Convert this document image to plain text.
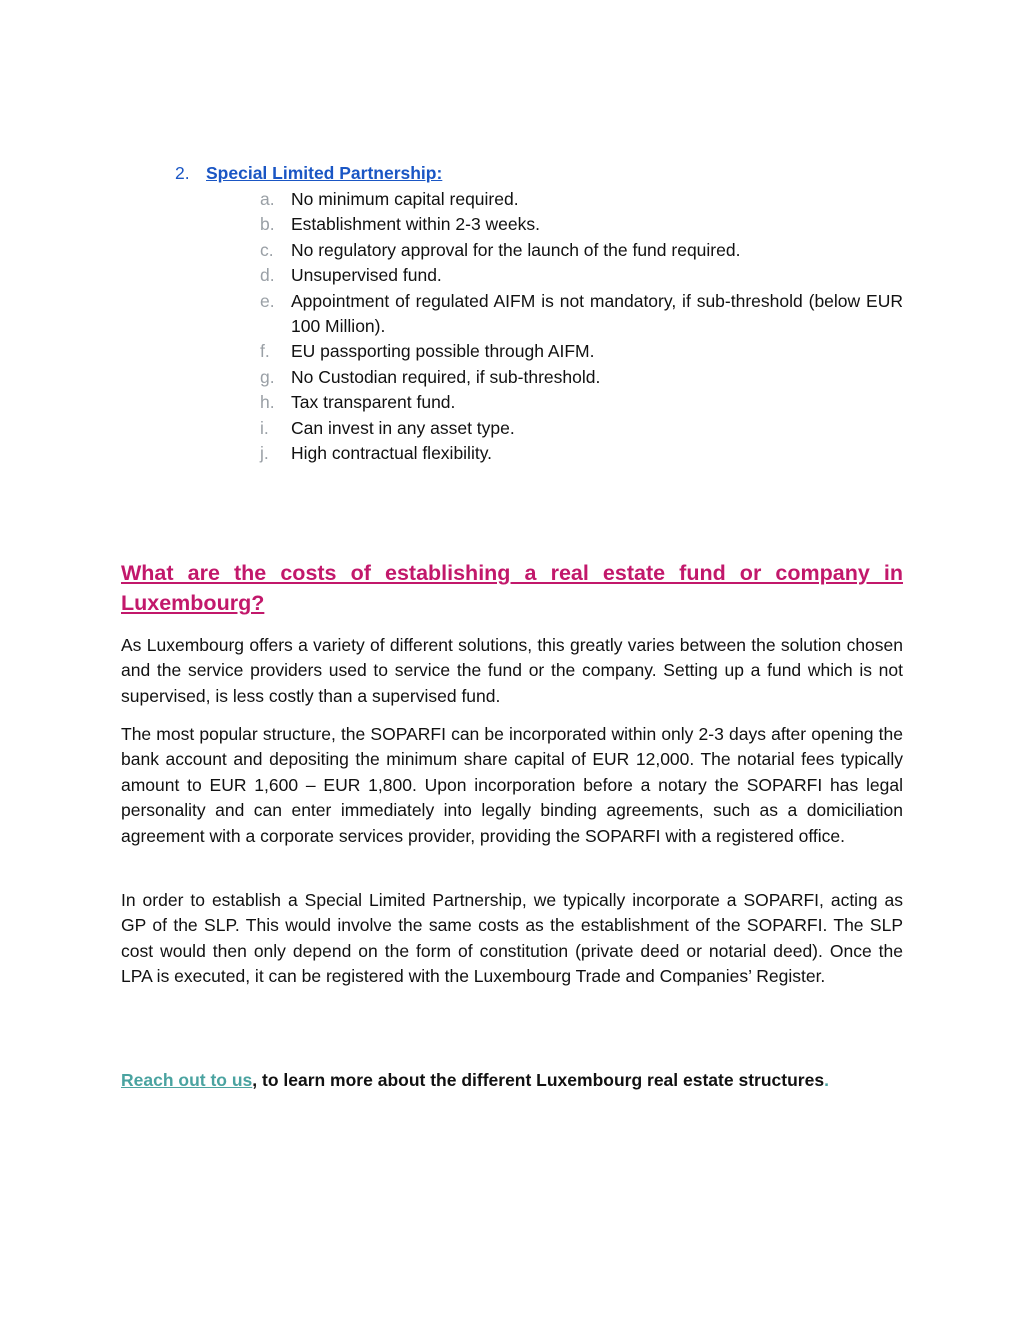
2. Special Limited Partnership:
a. No minimum capital required.
b. Establishment within 2-3 weeks.
c. No regulatory approval for the launch of the fund required.
d. Unsupervised fund.
e. Appointment of regulated AIFM is not mandatory, if sub-threshold (below EUR 100 Million).
f.	EU passporting possible through AIFM.
g. No Custodian required, if sub-threshold.
h. Tax transparent fund.
i.	Can invest in any asset type.
j.	High contractual flexibility.
What are the costs of establishing a real estate fund or company in Luxembourg?

As Luxembourg offers a variety of different solutions, this greatly varies between the solution chosen and the service providers used to service the fund or the company. Setting up a fund which is not supervised, is less costly than a supervised fund.

The most popular structure, the SOPARFI can be incorporated within only 2-3 days after opening the bank account and depositing the minimum share capital of EUR 12,000. The notarial fees typically amount to EUR 1,600 – EUR 1,800. Upon incorporation before a notary the SOPARFI has legal personality and can enter immediately into legally binding agreements, such as a domiciliation agreement with a corporate services provider, providing the SOPARFI with a registered office.

In order to establish a Special Limited Partnership, we typically incorporate a SOPARFI, acting as GP of the SLP. This would involve the same costs as the establishment of the SOPARFI. The SLP cost would then only depend on the form of constitution (private deed or notarial deed). Once the LPA is executed, it can be registered with the Luxembourg Trade and Companies’ Register.

Reach out to us, to learn more about the different Luxembourg real estate structures.
